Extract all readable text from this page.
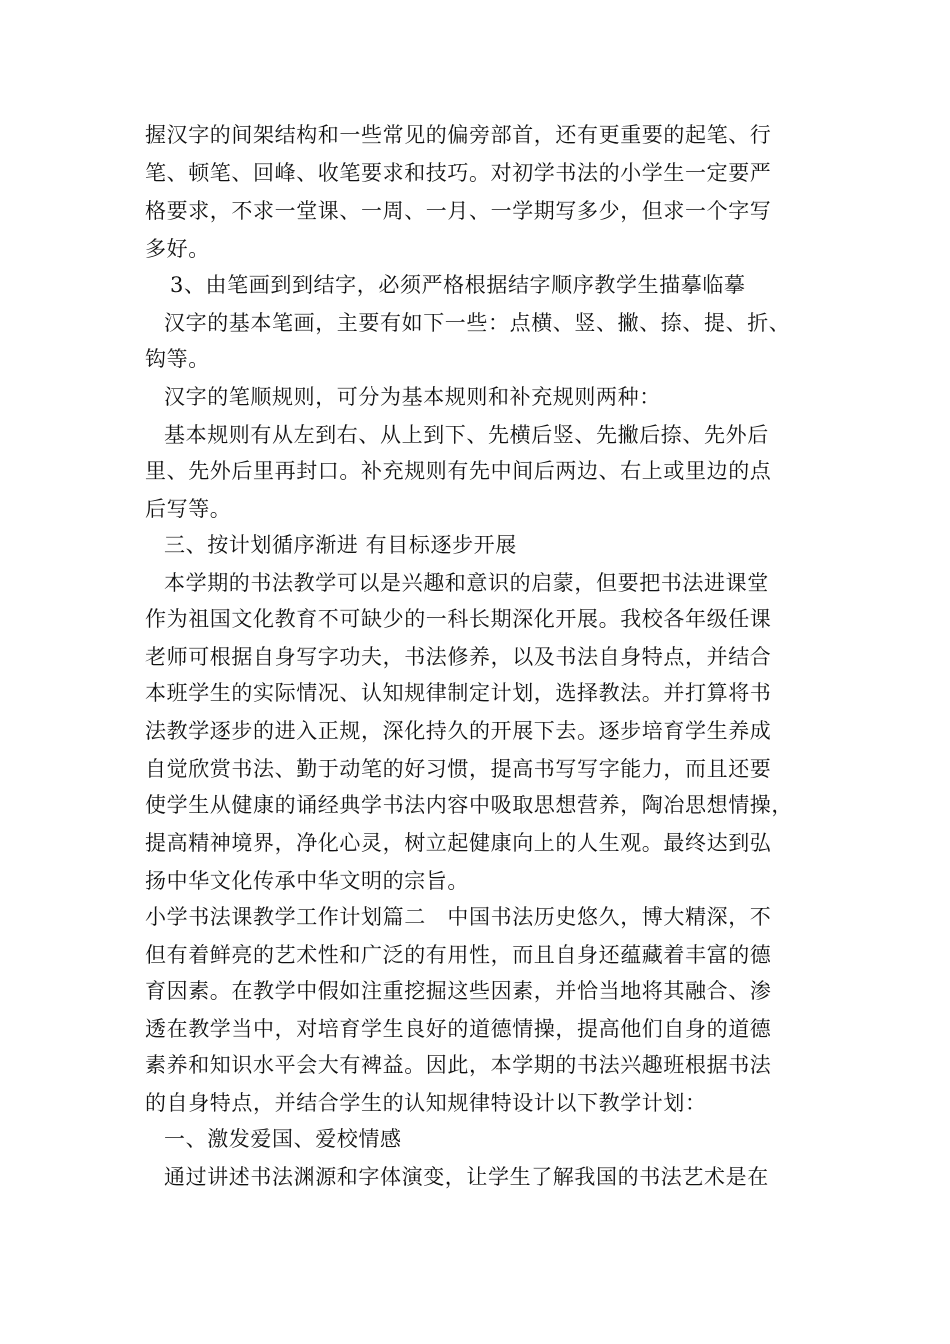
握汉字的间架结构和一些常见的偏旁部首，还有更重要的起笔、行
笔、顿笔、回峰、收笔要求和技巧。对初学书法的小学生一定要严
格要求，不求一堂课、一周、一月、一学期写多少，但求一个字写
多好。
3、由笔画到到结字，必须严格根据结字顺序教学生描摹临摹
汉字的基本笔画，主要有如下一些：点横、竖、撇、捺、提、折、
钩等。
汉字的笔顺规则，可分为基本规则和补充规则两种：
基本规则有从左到右、从上到下、先横后竖、先撇后捺、先外后
里、先外后里再封口。补充规则有先中间后两边、右上或里边的点
后写等。
三、按计划循序渐进 有目标逐步开展
本学期的书法教学可以是兴趣和意识的启蒙，但要把书法进课堂
作为祖国文化教育不可缺少的一科长期深化开展。我校各年级任课
老师可根据自身写字功夫，书法修养，以及书法自身特点，并结合
本班学生的实际情况、认知规律制定计划，选择教法。并打算将书
法教学逐步的进入正规，深化持久的开展下去。逐步培育学生养成
自觉欣赏书法、勤于动笔的好习惯，提高书写写字能力，而且还要
使学生从健康的诵经典学书法内容中吸取思想营养，陶冶思想情操，
提高精神境界，净化心灵，树立起健康向上的人生观。最终达到弘
扬中华文化传承中华文明的宗旨。
小学书法课教学工作计划篇二　中国书法历史悠久，博大精深，不
但有着鲜亮的艺术性和广泛的有用性，而且自身还蕴藏着丰富的德
育因素。在教学中假如注重挖掘这些因素，并恰当地将其融合、渗
透在教学当中，对培育学生良好的道德情操，提高他们自身的道德
素养和知识水平会大有裨益。因此，本学期的书法兴趣班根据书法
的自身特点，并结合学生的认知规律特设计以下教学计划：
一、激发爱国、爱校情感
通过讲述书法渊源和字体演变，让学生了解我国的书法艺术是在
